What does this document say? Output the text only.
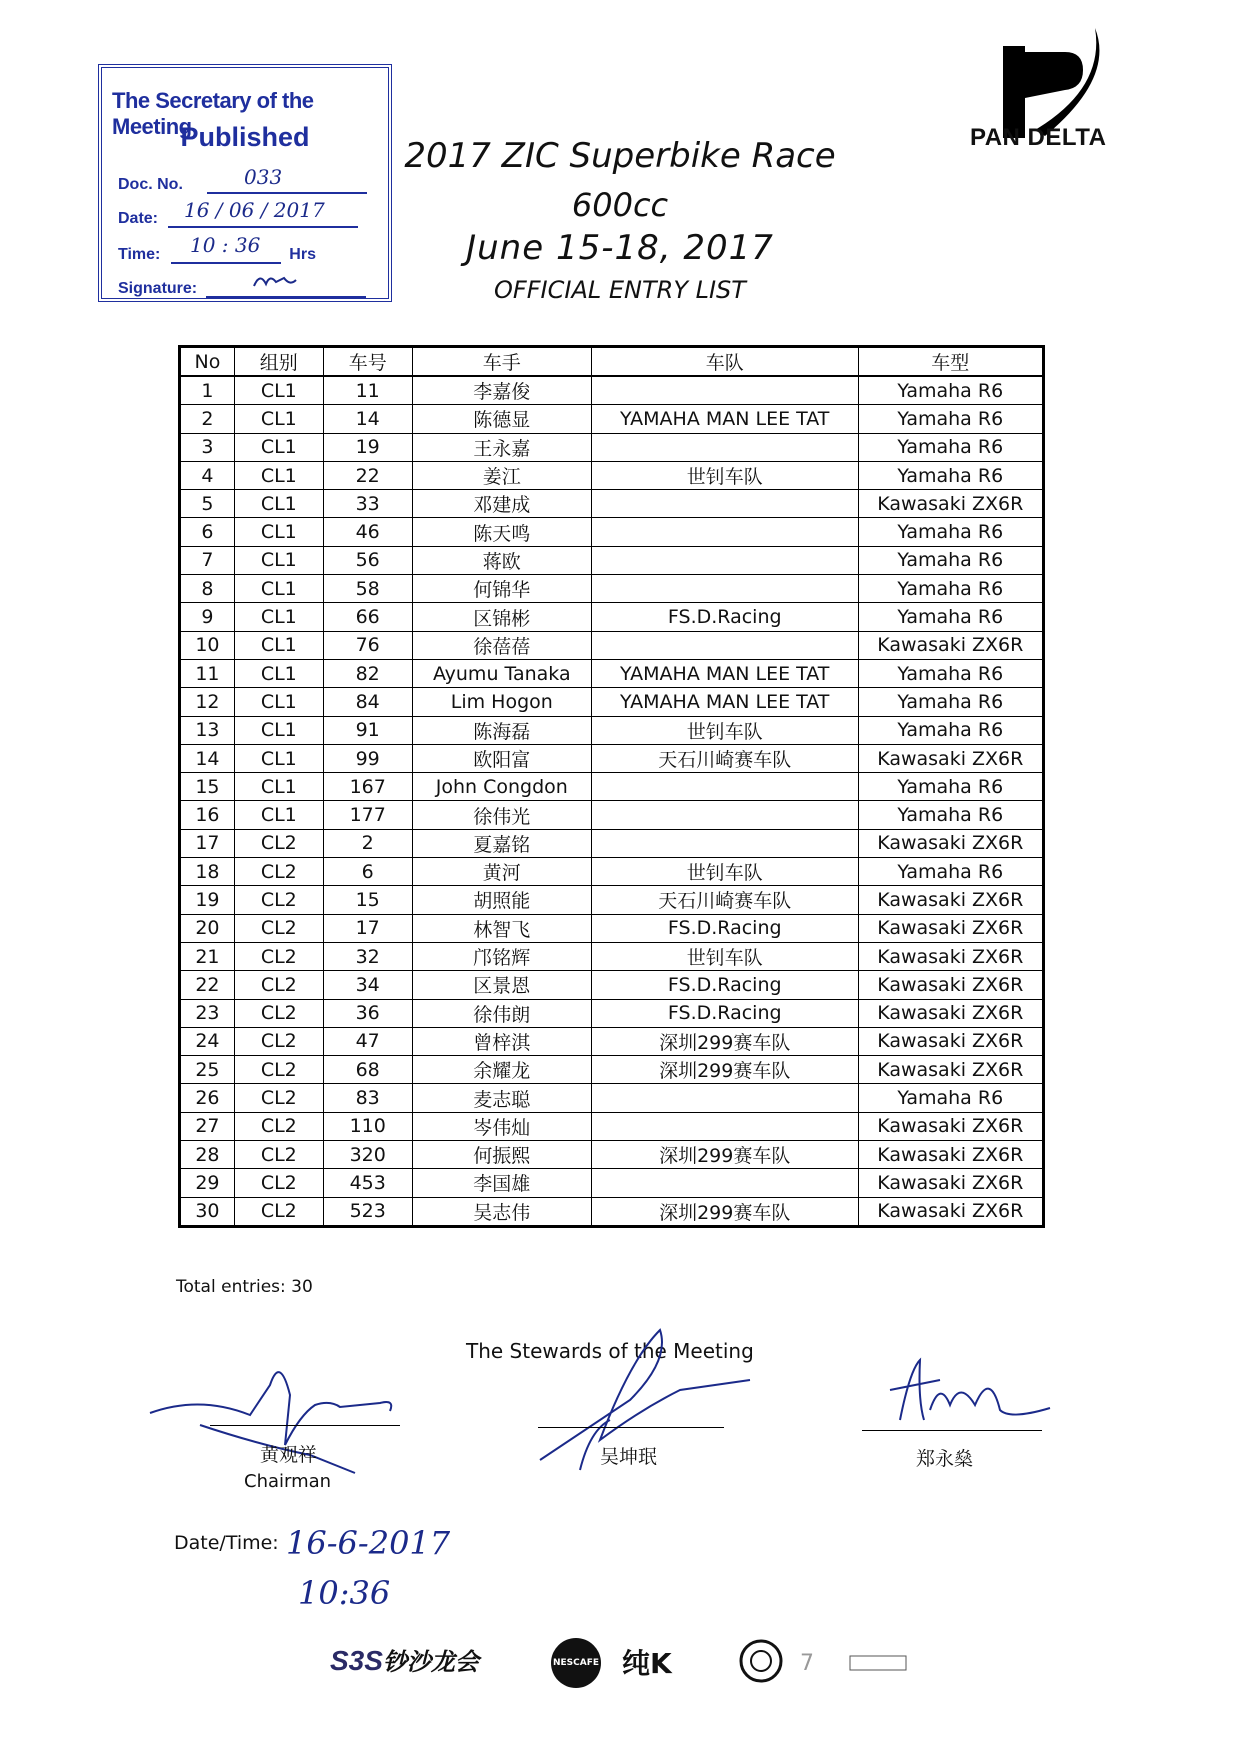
The Secretary of the Meeting
Published
Doc. No.	033
Date:	16 / 06 / 2017
Time:	Hrs
10 : 36
Signature:
PAN DELTA
2017 ZIC Superbike Race
600cc
June 15-18, 2017
OFFICIAL ENTRY LIST
No	组别	车号	车手	车队	车型
1	CL1	11	李嘉俊		Yamaha R6
2	CL1	14	陈德显	YAMAHA MAN LEE TAT	Yamaha R6
3	CL1	19	王永嘉		Yamaha R6
4	CL1	22	姜江	世钊车队	Yamaha R6
5	CL1	33	邓建成		Kawasaki ZX6R
6	CL1	46	陈天鸣		Yamaha R6
7	CL1	56	蒋欧		Yamaha R6
8	CL1	58	何锦华		Yamaha R6
9	CL1	66	区锦彬	FS.D.Racing	Yamaha R6
10	CL1	76	徐蓓蓓		Kawasaki ZX6R
11	CL1	82	Ayumu Tanaka	YAMAHA MAN LEE TAT	Yamaha R6
12	CL1	84	Lim Hogon	YAMAHA MAN LEE TAT	Yamaha R6
13	CL1	91	陈海磊	世钊车队	Yamaha R6
14	CL1	99	欧阳富	天石川崎赛车队	Kawasaki ZX6R
15	CL1	167	John Congdon		Yamaha R6
16	CL1	177	徐伟光		Yamaha R6
17	CL2	2	夏嘉铭		Kawasaki ZX6R
18	CL2	6	黄河	世钊车队	Yamaha R6
19	CL2	15	胡照能	天石川崎赛车队	Kawasaki ZX6R
20	CL2	17	林智飞	FS.D.Racing	Kawasaki ZX6R
21	CL2	32	邝铭辉	世钊车队	Kawasaki ZX6R
22	CL2	34	区景恩	FS.D.Racing	Kawasaki ZX6R
23	CL2	36	徐伟朗	FS.D.Racing	Kawasaki ZX6R
24	CL2	47	曾梓淇	深圳299赛车队	Kawasaki ZX6R
25	CL2	68	余耀龙	深圳299赛车队	Kawasaki ZX6R
26	CL2	83	麦志聪		Yamaha R6
27	CL2	110	岑伟灿		Kawasaki ZX6R
28	CL2	320	何振熙	深圳299赛车队	Kawasaki ZX6R
29	CL2	453	李国雄		Kawasaki ZX6R
30	CL2	523	吴志伟	深圳299赛车队	Kawasaki ZX6R
Total entries: 30
The Stewards of the Meeting
黄观祥
Chairman
吴坤珉	郑永燊
Date/Time: 16-6-2017
10:36
S3S钞沙龙会	NESCAFE 纯K	7
